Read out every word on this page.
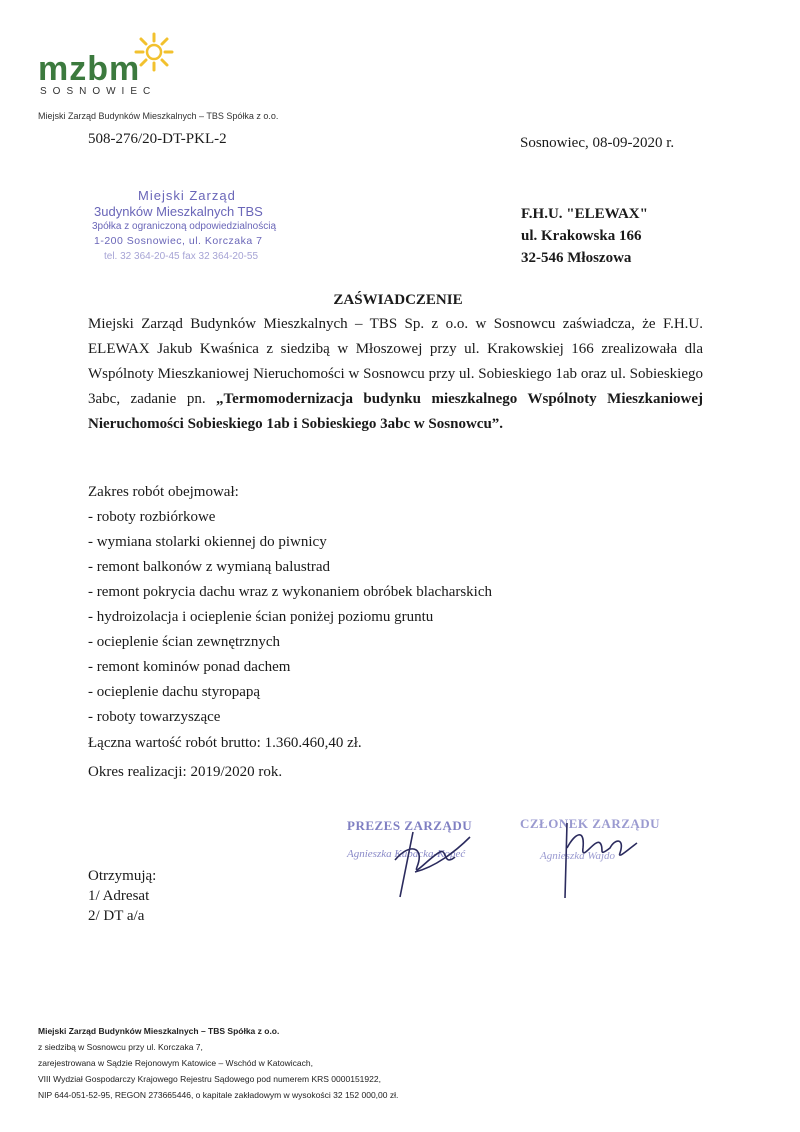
mzbm
SOSNOWIEC
Miejski Zarząd Budynków Mieszkalnych – TBS Spółka z o.o.
508-276/20-DT-PKL-2	Sosnowiec, 08-09-2020 r.
Miejski Zarząd
3udynków Mieszkalnych TBS
3półka z ograniczoną odpowiedzialnością
1-200 Sosnowiec, ul. Korczaka 7
tel. 32 364-20-45 fax 32 364-20-55
F.H.U. "ELEWAX"
ul. Krakowska 166
32-546 Młoszowa
ZAŚWIADCZENIE

Miejski Zarząd Budynków Mieszkalnych – TBS Sp. z o.o. w Sosnowcu zaświadcza, że F.H.U. ELEWAX Jakub Kwaśnica z siedzibą w Młoszowej przy ul. Krakowskiej 166 zrealizowała dla Wspólnoty Mieszkaniowej Nieruchomości w Sosnowcu przy ul. Sobieskiego 1ab oraz ul. Sobieskiego 3abc, zadanie pn. „Termomodernizacja budynku mieszkalnego Wspólnoty Mieszkaniowej Nieruchomości Sobieskiego 1ab i Sobieskiego 3abc w Sosnowcu”.

Zakres robót obejmował:
- roboty rozbiórkowe
- wymiana stolarki okiennej do piwnicy
- remont balkonów z wymianą balustrad
- remont pokrycia dachu wraz z wykonaniem obróbek blacharskich
- hydroizolacja i ocieplenie ścian poniżej poziomu gruntu
- ocieplenie ścian zewnętrznych
- remont kominów ponad dachem
- ocieplenie dachu styropapą
- roboty towarzyszące
Łączna wartość robót brutto: 1.360.460,40 zł.
Okres realizacji: 2019/2020 rok.
PREZES ZARZĄDU
Agnieszka Kubacka-Kopeć
CZŁONEK ZARZĄDU
Agnieszka Wajdo
Otrzymują:
1/ Adresat
2/ DT a/a
Miejski Zarząd Budynków Mieszkalnych – TBS Spółka z o.o.
z siedzibą w Sosnowcu przy ul. Korczaka 7,
zarejestrowana w Sądzie Rejonowym Katowice – Wschód w Katowicach,
VIII Wydział Gospodarczy Krajowego Rejestru Sądowego pod numerem KRS 0000151922,
NIP 644-051-52-95, REGON 273665446, o kapitale zakładowym w wysokości 32 152 000,00 zł.
